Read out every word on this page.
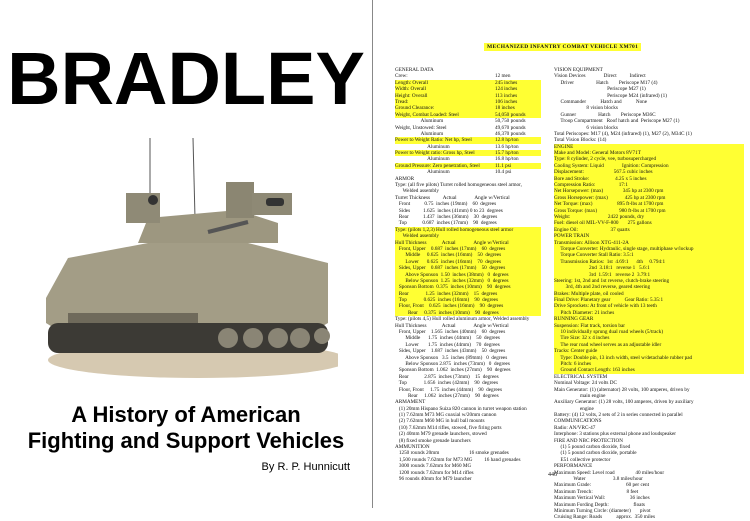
BRADLEY
A History of American
Fighting and Support Vehicles
By R. P. Hunnicutt
MECHANIZED INFANTRY COMBAT VEHICLE XM701
GENERAL DATA
Crew:	12 men
Length: Overall	245 inches
Width: Overall	124 inches
Height: Overall	113 inches
Tread:	106 inches
Ground Clearance:	18 inches
Weight, Combat Loaded: Steel	54,050 pounds
Aluminum	50,750 pounds
Weight, Unstowed: Steel	49,670 pounds
Aluminum	46,370 pounds
Power to Weight Ratio: Net hp, Steel	12.8 hp/ton
Aluminum	13.6 hp/ton
Power to Weight ratio: Gross hp, Steel	15.7 hp/ton
Aluminum	16.8 hp/ton
Ground Pressure: Zero penetration, Steel	11.1 psi
Aluminum	10.4 psi
ARMOR
Type: (all five pilots) Turret rolled homogeneous steel armor,
Welded assembly
Turret Thickness          Actual              Angle w/Vertical
Front           0.75  inches (19mm)    60  degrees
Sides          1.625  inches (41mm) 0 to 23  degrees
Rear           1.437  inches (36mm)    30  degrees
Top            0.687  inches (17mm)    90  degrees
Type: (pilots 1,2,3) Hull rolled homogeneous steel armor
Welded assembly
Hull Thickness            Actual              Angle w/Vertical
Front, Upper    0.687  inches (17mm)    60  degrees
Middle     0.625  inches (16mm)    50  degrees
Lower      0.625  inches (16mm)    70  degrees
Sides, Upper    0.687  inches (17mm)    50  degrees
Above Sponson  1.50  inches (38mm)   0  degrees
Below Sponson  1.25  inches (32mm)   0  degrees
Sponson Bottom  0.375  inches (10mm)    90  degrees
Rear             1.25  inches (32mm)    15  degrees
Top             0.625  inches (16mm)    90  degrees
Floor, Front    0.625  inches (16mm)    90  degrees
Rear     0.375  inches (10mm)    90  degrees
Type: (pilots 4,5) Hull rolled aluminum armor, Welded assembly
Hull Thickness            Actual              Angle w/Vertical
Front, Upper    1.565  inches (40mm)    60  degrees
Middle      1.75  inches (44mm)    50  degrees
Lower       1.75  inches (44mm)    70  degrees
Sides, Upper    1.687  inches (43mm)    50  degrees
Above Sponson   3.5  inches (89mm)   0  degrees
Below Sponson 2.875  inches (73mm)   0  degrees
Sponson Bottom  1.062  inches (27mm)    90  degrees
Rear            2.875  inches (73mm)    15  degrees
Top             1.656  inches (42mm)    90  degrees
Floor, Front     1.75  inches (44mm)    90  degrees
Rear     1.062  inches (27mm)    90  degrees
ARMAMENT
(1) 20mm Hispano Suiza 820 cannon in turret weapon station
(1) 7.62mm M73 MG coaxial w/20mm cannon
(2) 7.62mm M60 MG in hull ball mounts
(10) 7.62mm M14 rifles, stowed, five firing ports
(2) 40mm M79 grenade launchers, stowed
(8) fixed smoke grenade launchers
AMMUNITION
1250 rounds 20mm                       16 smoke grenades
1,500 rounds 7.62mm for M73 MG         16 hand grenades
3000 rounds 7.62mm for M60 MG
1200 rounds 7.62mm for M14 rifles
96 rounds 40mm for M79 launcher
VISION EQUIPMENT
Vision Devices              Direct          Indirect
Driver                 Hatch        Periscope M17 (4)
Periscope M27 (1)
Periscope M24 (infrared) (1)
Commander           Hatch and           None
8 vision blocks
Gunner                 Hatch        Periscope M36C
Troop Compartment   Roof hatch and  Periscope M27 (1)
6 vision blocks
Total Periscopes: M17 (4), M24 (infrared) (1), M27 (2), M34C (1)
Total Vision Blocks: (14)
ENGINE
Make and Model: General Motors 8V71T
Type: 8 cylinder, 2 cycle, vee, turbosupercharged
Cooling System: Liquid              Ignition: Compression
Displacement:                       567.5 cubic inches
Bore and Stroke:                    4.25 x 5 inches
Compression Ratio:                  17:1
Net Horsepower: (max)               345 hp at 2300 rpm
Gross Horsepower: (max)             425 hp at 2300 rpm
Net Torque: (max)                   895 ft-lbs at 1700 rpm
Gross Torque: (max)                 980 ft-lbs at 1700 rpm
Weight:                             2422 pounds, dry
Fuel: diesel oil MIL-VV-F-800       275 gallons
Engine Oil:                         37 quarts
POWER TRAIN
Transmission: Allison XTG-411-2A
Torque Converter: Hydraulic, single stage, multiphase w/lockup
Torque Converter Stall Ratio: 3.5:1
Transmission Ratios:  1st  4.69:1      4th     0.794:1
2nd  3.18:1   reverse 1   5.6:1
3rd  1.59:1   reverse 2  3.79:1
Steering: 1st, 2nd and 1st reverse, clutch-brake steering
3rd, 4th and 2nd reverse, geared steering
Brakes: Multiple plate, oil cooled
Final Drive: Planetary gear           Gear Ratio: 5.35:1
Drive Sprockets: At front of vehicle with 13 teeth
Pitch Diameter: 21 inches
RUNNING GEAR
Suspension: Flat track, torsion bar
10 individually sprung dual road wheels (5/track)
Tire Size: 32 x 4 inches
The rear road wheel serves as an adjustable idler
Tracks: Center guide
Type: Double pin, 13 inch width, steel w/detachable rubber pad
Pitch: 6 inches
Ground Contact Length: 163 inches
ELECTRICAL SYSTEM
Nominal Voltage: 24 volts DC
Main Generator: (1) (alternator) 28 volts, 100 amperes, driven by
main engine
Auxiliary Generator: (1) 28 volts, 100 amperes, driven by auxiliary
engine
Battery: (4) 12 volts, 2 sets of 2 in series connected in parallel
COMMUNICATIONS
Radio: AN/VRC-47
Interphone: 3 stations plus external phone and loudspeaker
FIRE AND NBC PROTECTION
(1) 5 pound carbon dioxide, fixed
(1) 5 pound carbon dioxide, portable
E51 collective protector
PERFORMANCE
Maximum Speed: Level road                40 miles/hour
Water                     3.8 miles/hour
Maximum Grade:                           60 per cent
Maximum Trench:                          8 feet
Maximum Vertical Wall:                   36 inches
Maximum Fording Depth:                   floats
Minimum Turning Circle: (diameter)       pivot
Cruising Range: Roads           approx.  350 miles
446
